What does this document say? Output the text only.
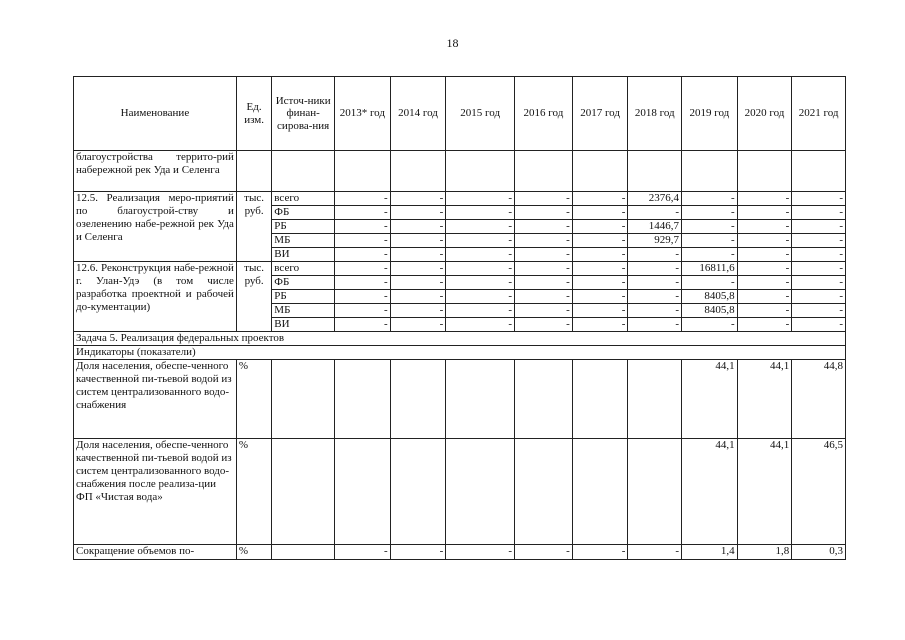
18
Наименование	Ед. изм.	Источ-ники финан-сирова-ния	2013* год	2014 год	2015 год	2016 год	2017 год	2018 год	2019 год	2020 год	2021 год
благоустройства террито-рий набережной рек Уда и Селенга											
12.5. Реализация меро-приятий по благоустрой-ству и озеленению набе-режной рек Уда и Селенга	тыс. руб.	всего	-	-	-	-	-	2376,4	-	-	-
		ФБ	-	-	-	-	-	-	-	-	-
		РБ	-	-	-	-	-	1446,7	-	-	-
		МБ	-	-	-	-	-	929,7	-	-	-
		ВИ	-	-	-	-	-	-	-	-	-
12.6. Реконструкция набе-режной г. Улан-Удэ (в том числе разработка проектной и рабочей до-кументации)	тыс. руб.	всего	-	-	-	-	-	-	16811,6	-	-
		ФБ	-	-	-	-	-	-	-	-	-
		РБ	-	-	-	-	-	-	8405,8	-	-
		МБ	-	-	-	-	-	-	8405,8	-	-
		ВИ	-	-	-	-	-	-	-	-	-
Задача 5. Реализация федеральных проектов											
Индикаторы (показатели)											
Доля населения, обеспе-ченного качественной пи-тьевой водой из систем централизованного водо-снабжения	%								44,1	44,1	44,8
Доля населения, обеспе-ченного качественной пи-тьевой водой из систем централизованного водо-снабжения после реализа-ции ФП «Чистая вода»	%								44,1	44,1	46,5
Сокращение объемов по-	%		-	-	-	-	-	-	1,4	1,8	0,3
